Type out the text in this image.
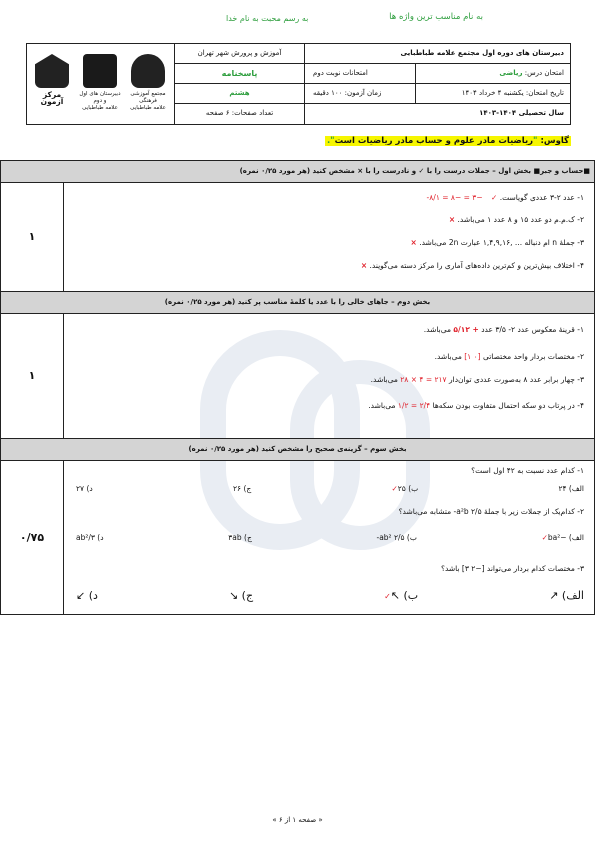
به نام مناسب ترین واژه ها
به رسم محبت به نام خدا
مرکز آزمون
دبیرستان های اول و دوم
علامه طباطبایی
مجتمع آموزشی فرهنگی
علامه طباطبایی
آموزش و پرورش شهر تهران
پاسخنامه
هشتم
تعداد صفحات: ۶ صفحه
دبیرستان های دوره اول مجتمع علامه طباطبایی
امتحان درس: ریاضی
امتحانات نوبت دوم
تاریخ امتحان: یکشنبه ۴ خرداد ۱۴۰۴
زمان آزمون: ۱۰۰ دقیقه
سال تحصیلی ۱۴۰۴-۱۴۰۳
گاوس: "ریاضیات مادر علوم و حساب مادر ریاضیات است".
■حساب و جبر■ بخش اول – جملات درست را با ✓ و نادرست را با × مشخص کنید (هر مورد ۰/۲۵ نمره)
۱
۱- عدد ۲-۳ عددی گویاست. ✓ −۳ = −۸ = ۸/۱-
۲- ک.م.م دو عدد ۱۵ و ۸ عدد ۱ می‌باشد. ×
۳- جملهٔ n ام دنباله ... ,۱,۴,۹,۱۶ عبارت 2n می‌باشد. ×
۴- اختلاف بیش‌ترین و کم‌ترین داده‌های آماری را مرکز دسته می‌گویند. ×
بخش دوم – جاهای خالی را با عدد یا کلمهٔ مناسب پر کنید (هر مورد ۰/۲۵ نمره)
۱
۱- قرینهٔ معکوس عدد ۲- ۳/۵ عدد + ۵/۱۲ می‌باشد.
۲- مختصات بردار واحد مختصاتی [۰ ۱] می‌باشد.
۳- چهار برابر عدد ۸ به‌صورت عددی توان‌دار ۲۱۷ = ۴ × ۲۸ می‌باشد.
۴- در پرتاب دو سکه احتمال متفاوت بودن سکه‌ها ۲/۴ = ۱/۲ می‌باشد.
بخش سوم – گزینه‌ی صحیح را مشخص کنید (هر مورد ۰/۲۵ نمره)
۰/۷۵
۱- کدام عدد نسبت به ۴۲ اول است؟
الف) ۲۴
ب) ۲۵✓
ج) ۲۶
د) ۲۷
۲- کدام‌یک از جملات زیر با جملهٔ ۲/۵ a²b- متشابه می‌باشد؟
الف) −ba²✓
ب) ۲/۵ ab²-
ج) ۳ab
د) ab²/۳
۳- مختصات کدام بردار می‌تواند [−۲ ۳] باشد؟
الف) ↗
ب) ↖✓
ج) ↘
د) ↙
« صفحه ۱ از ۶ »
